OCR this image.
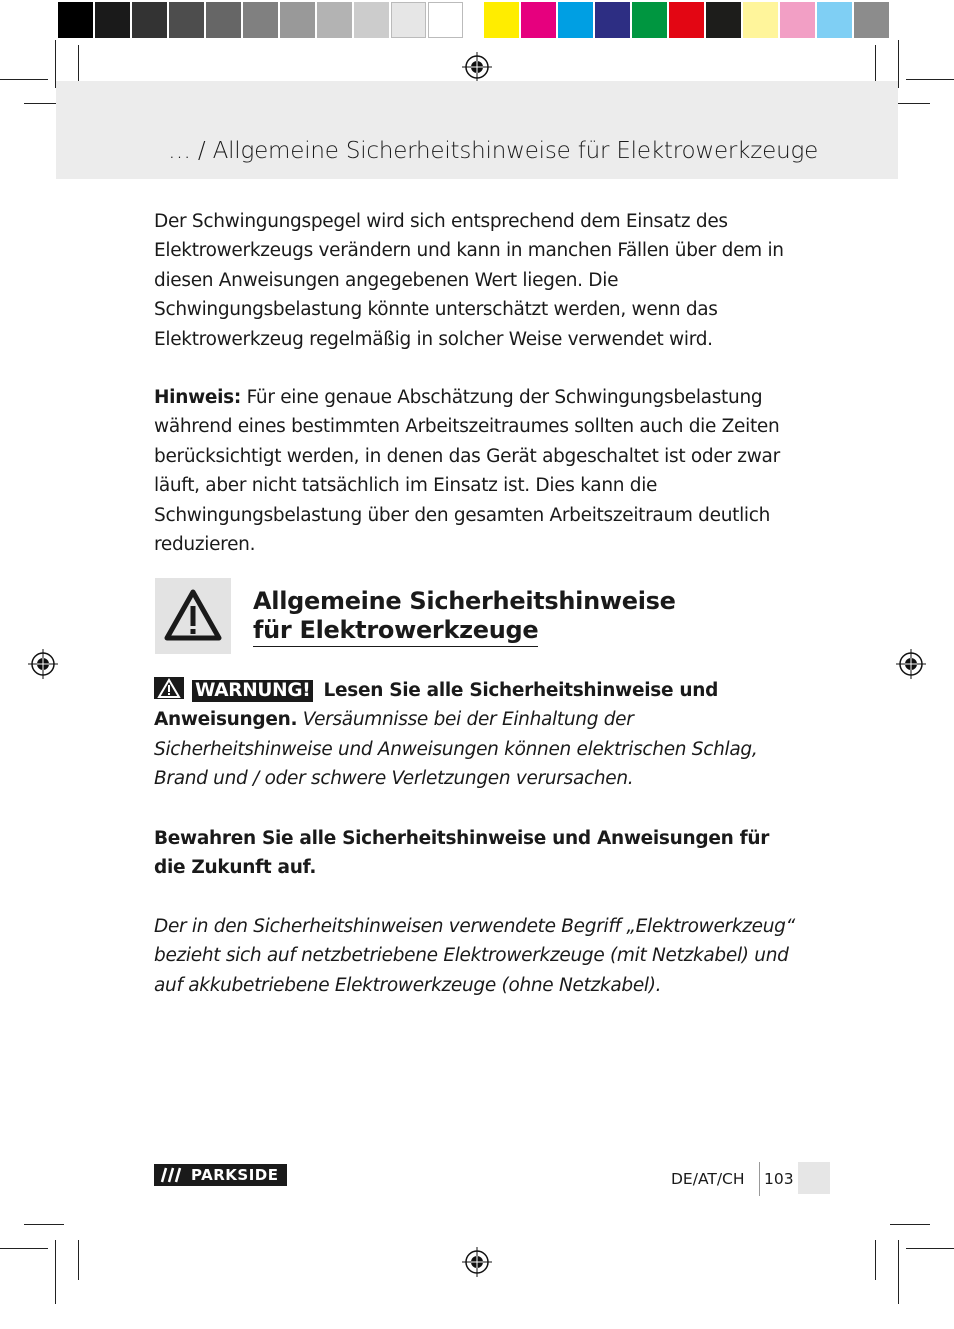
… / Allgemeine Sicherheitshinweise für Elektrowerkzeuge

Der Schwingungspegel wird sich entsprechend dem Einsatz des Elektrowerkzeugs verändern und kann in manchen Fällen über dem in diesen Anweisungen angegebenen Wert liegen. Die Schwingungsbelastung könnte unterschätzt werden, wenn das Elektrowerkzeug regelmäßig in solcher Weise verwendet wird.

Hinweis: Für eine genaue Abschätzung der Schwingungsbelastung während eines bestimmten Arbeitszeitraumes sollten auch die Zeiten berücksichtigt werden, in denen das Gerät abgeschaltet ist oder zwar läuft, aber nicht tatsächlich im Einsatz ist. Dies kann die Schwingungsbelastung über den gesamten Arbeitszeitraum deutlich reduzieren.

Allgemeine Sicherheitshinweise
für Elektrowerkzeuge

WARNUNG! Lesen Sie alle Sicherheitshinweise und Anweisungen. Versäumnisse bei der Einhaltung der Sicherheitshinweise und Anweisungen können elektrischen Schlag, Brand und / oder schwere Verletzungen verursachen.

Bewahren Sie alle Sicherheitshinweise und Anweisungen für die Zukunft auf.

Der in den Sicherheitshinweisen verwendete Begriff „Elektrowerkzeug“ bezieht sich auf netzbetriebene Elektrowerkzeuge (mit Netzkabel) und auf akkubetriebene Elektrowerkzeuge (ohne Netzkabel).

PARKSIDE	DE/AT/CH 103
